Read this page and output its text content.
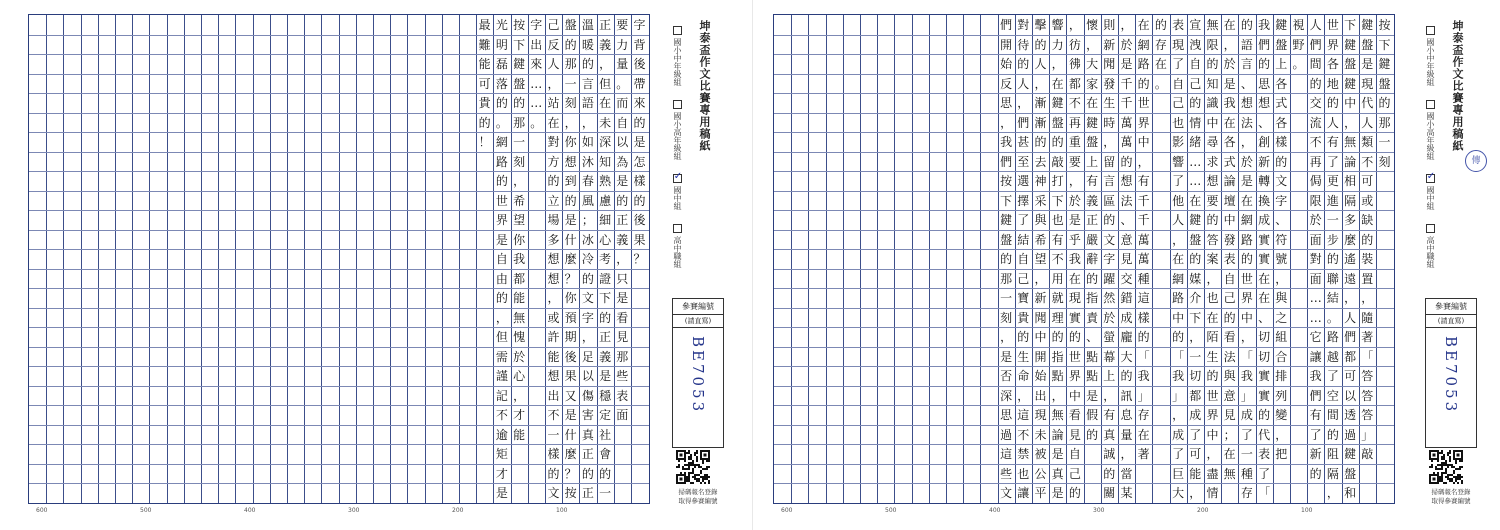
字
背
後
帶
來
的
是
怎
樣
的
後
果
？
要
力
量
。
而
自
以
為
是
的
正
義
，
只
是
看
見
那
些
表
面
正
義
，
但
在
未
深
知
熟
慮
細
心
考
證
下
的
正
義
是
穩
定
社
會
的
一
溫
暖
的
言
語
，
如
沐
春
風
；
冰
冷
的
文
字
，
足
以
傷
害
真
正
的
正
盤
的
那
一
刻
，
你
想
到
的
是
什
麼
？
你
預
期
後
果
又
是
什
麼
？
按
己
反
人
，
站
在
對
方
的
立
場
多
想
想
，
或
許
能
想
出
不
一
樣
的
文
字
出
來
…
…
。
按
下
鍵
盤
的
那
一
刻
，
希
望
你
我
都
能
無
愧
於
心
，
才
能
光
明
磊
落
的
。
網
路
的
世
界
是
自
由
的
，
但
需
謹
記
不
逾
矩
才
是
最
難
能
可
貴
的
！	坤泰盃作文比賽專用稿紙
國小中年級組
國小高年級組
✓國中組
高中職組
參賽編號
(請直寫)
BE7053
掃碼報名登錄
取得參賽編號
600	500	400	300	200	100
按
下
鍵
盤
的
那
一
刻
鍵
盤
是
現
代
人
類
不
可
或
缺
的
裝
置
，
隨
著
「
答
答
答
」
敲
下
鍵
盤
鍵
中
，
無
論
相
隔
多
麼
遙
遠
，
人
們
都
可
以
透
過
鍵
盤
和
世
界
各
地
的
人
有
了
更
進
一
步
的
聯
結
。
路
越
了
空
間
的
阻
隔
，
人
們
間
的
交
流
不
再
侷
限
於
面
對
面
…
…
它
讓
我
們
有
了
新
的
視
野
。
鍵
盤
上
各
式
各
樣
的
文
字
、
符
號
，
與
之
組
合
排
列
變
，
把
我
們
的
思
想
、
創
新
轉
換
成
實
實
在
在
、
切
切
實
實
的
代
表
了
「
的
語
言
、
想
法
，
於
是
在
網
路
的
世
界
中
，
「
我
」
成
了
一
種
存
在
，
於
是
我
在
各
式
論
壇
中
發
表
自
己
的
看
法
與
意
見
；
在
無
無
限
的
知
識
中
尋
求
想
要
的
答
案
，
也
在
陌
生
的
世
界
中
，
盡
情
宣
洩
自
己
的
情
緒
…
…
在
鍵
盤
的
媒
介
下
，
一
切
都
成
了
可
能
，
表
現
了
自
己
也
影
響
了
他
人
，
在
網
路
中
的
「
我
」
，
成
了
巨
大
的
存
在
。
在
網
路
的
世
界
中
，
有
千
千
萬
萬
種
這
樣
的
「
我
」
存
在
著
，
於
是
千
千
萬
萬
的
想
法
、
意
見
交
錯
成
龐
大
的
訊
息
量
，
當
某
則
新
聞
發
生
時
，
留
言
區
的
文
字
躍
然
於
螢
幕
上
，
有
真
誠
的
關
懷
，
大
家
在
鍵
盤
上
有
義
正
嚴
辭
的
指
責
、
點
點
是
假
的
，
彷
彿
都
不
再
重
要
，
於
是
乎
我
在
現
實
的
世
界
中
看
見
自
己
的
響
力
，
在
鍵
盤
的
敲
打
下
也
有
不
用
就
理
的
指
點
，
無
論
是
真
是
擊
的
人
，
漸
漸
的
去
神
采
與
希
望
，
新
聞
中
開
始
出
現
未
被
公
平
對
待
的
人
，
們
甚
至
選
擇
了
結
自
己
寶
貴
的
生
命
，
這
不
禁
也
讓
們
開
始
反
思
，
我
們
按
下
鍵
盤
的
那
一
刻
，
是
否
深
思
過
這
些
文
坤泰盃作文比賽專用稿紙
國小中年級組
國小高年級組
✓國中組
高中職組
傳
參賽編號
(請直寫)
BE7053
掃碼報名登錄
取得參賽編號
600	500	400	300	200	100
